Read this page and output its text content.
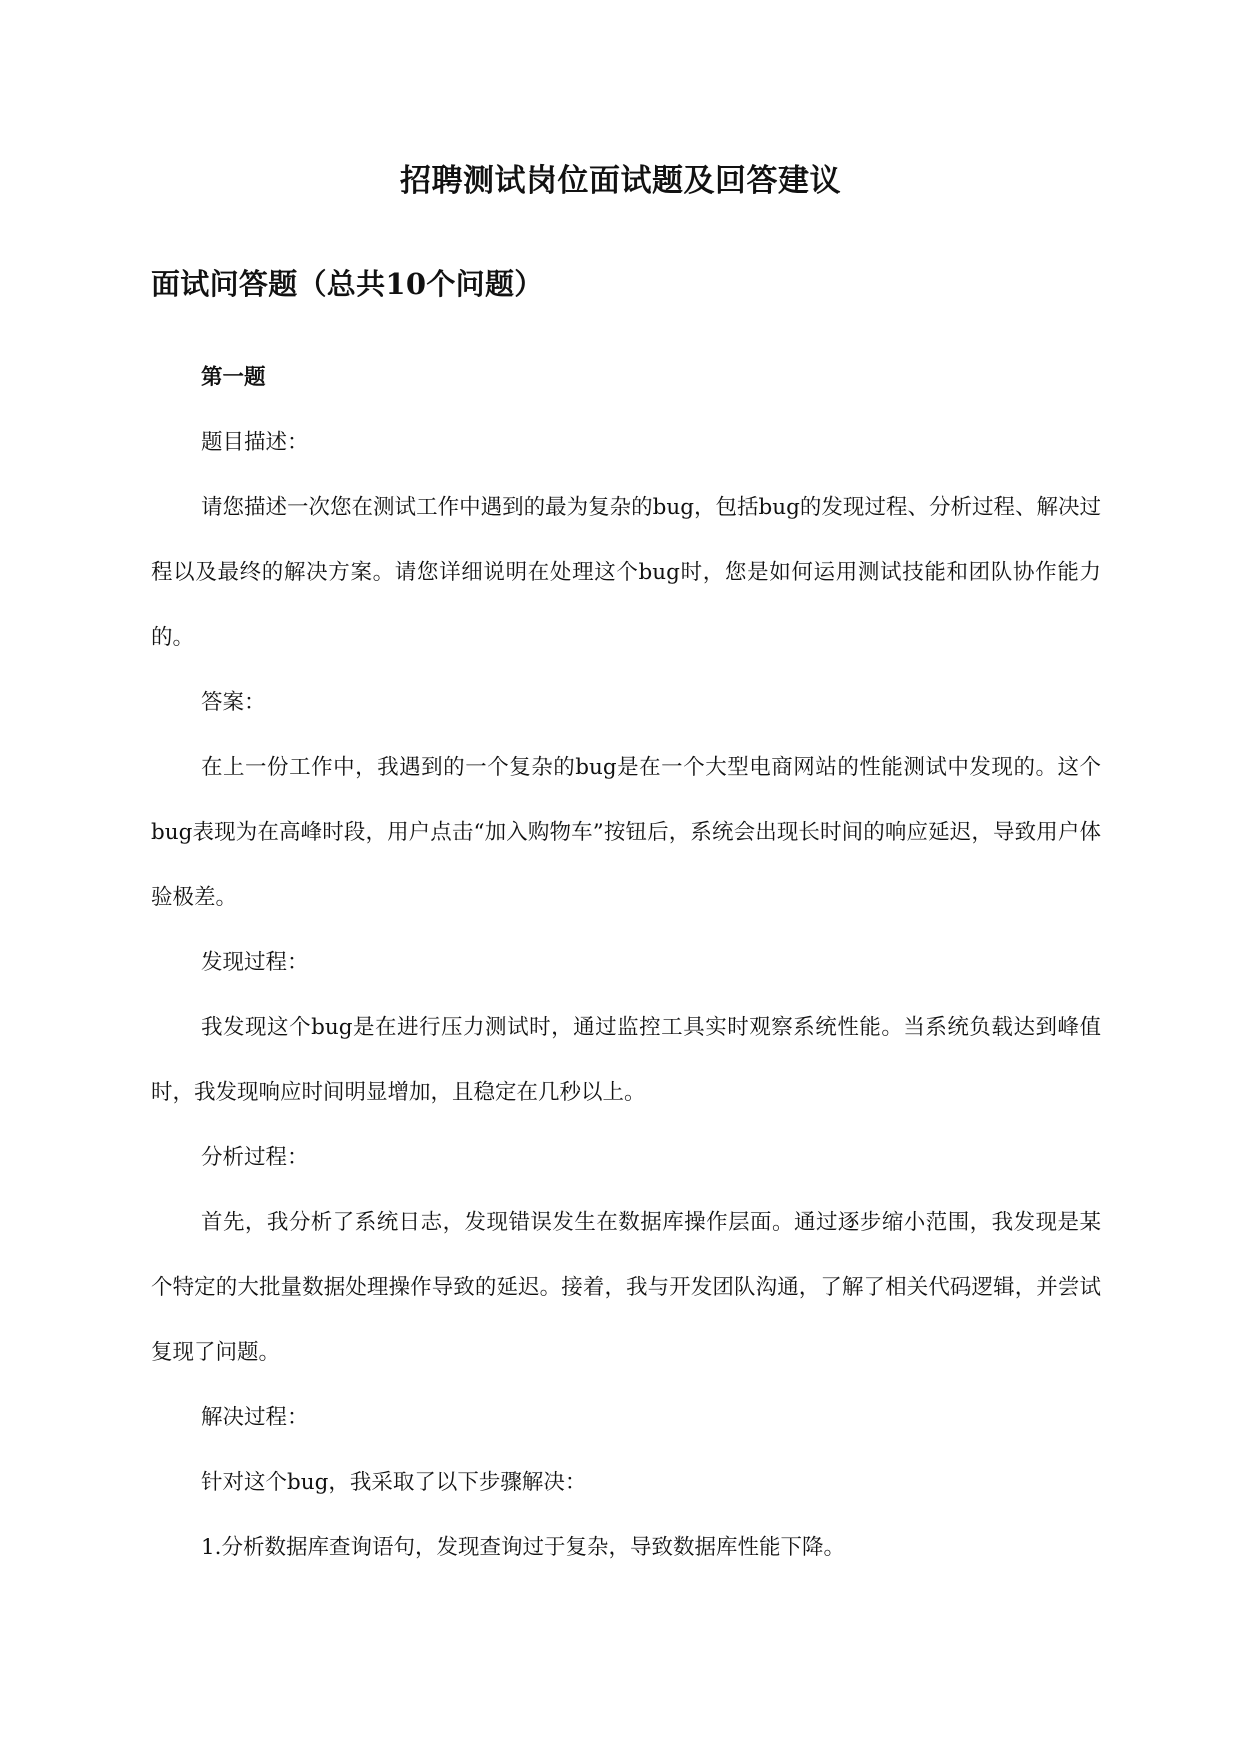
招聘测试岗位面试题及回答建议
面试问答题（总共10个问题）

第一题

题目描述：

请您描述一次您在测试工作中遇到的最为复杂的bug，包括bug的发现过程、分析过程、解决过程以及最终的解决方案。请您详细说明在处理这个bug时，您是如何运用测试技能和团队协作能力的。

答案：

在上一份工作中，我遇到的一个复杂的bug是在一个大型电商网站的性能测试中发现的。这个bug表现为在高峰时段，用户点击“加入购物车”按钮后，系统会出现长时间的响应延迟，导致用户体验极差。

发现过程：

我发现这个bug是在进行压力测试时，通过监控工具实时观察系统性能。当系统负载达到峰值时，我发现响应时间明显增加，且稳定在几秒以上。

分析过程：

首先，我分析了系统日志，发现错误发生在数据库操作层面。通过逐步缩小范围，我发现是某个特定的大批量数据处理操作导致的延迟。接着，我与开发团队沟通，了解了相关代码逻辑，并尝试复现了问题。

解决过程：

针对这个bug，我采取了以下步骤解决：

1.分析数据库查询语句，发现查询过于复杂，导致数据库性能下降。
